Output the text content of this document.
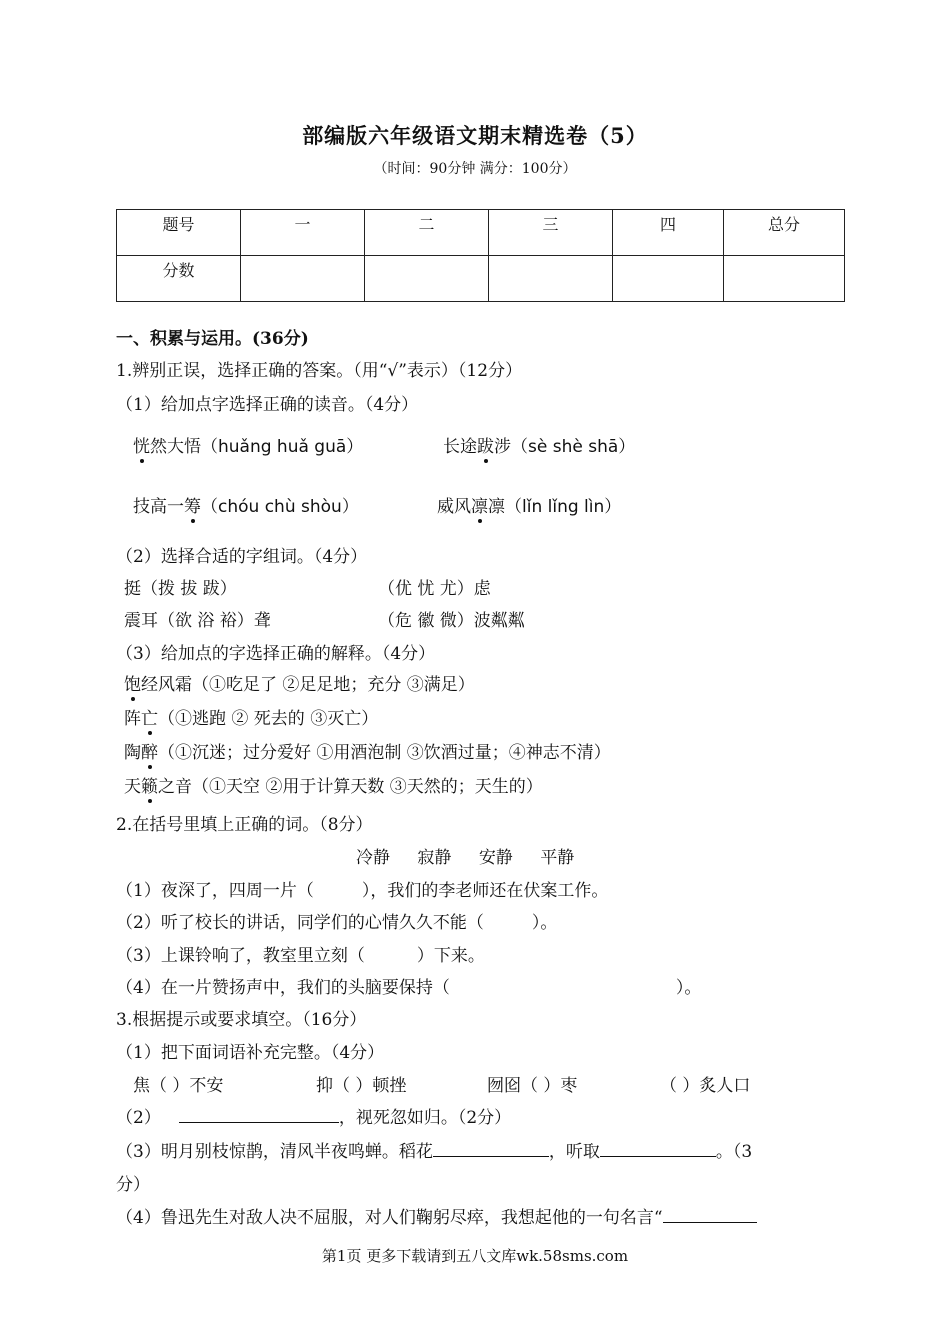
部编版六年级语文期末精选卷（5）
（时间：90分钟 满分：100分）
题号	一	二	三	四	总分
分数					
一、积累与运用。(36分)
1.辨别正误，选择正确的答案。（用“√”表示）（12分）
（1）给加点字选择正确的读音。（4分）
恍然大悟（huǎng huǎ guā）	长途跋涉（sè shè shā）
技高一筹（chóu chù shòu）	威风凛凛（lǐn lǐng lìn）
（2）选择合适的字组词。（4分）
挺（拨 拔 跋）	（优 忧 尤）虑
震耳（欲 浴 裕）聋	（危 徽 微）波粼粼
（3）给加点的字选择正确的解释。（4分）
饱经风霜（①吃足了 ②足足地；充分 ③满足）
阵亡（①逃跑 ② 死去的 ③灭亡）
陶醉（①沉迷；过分爱好 ①用酒泡制 ③饮酒过量；④神志不清）
天籁之音（①天空 ②用于计算天数 ③天然的；天生的）
2.在括号里填上正确的词。（8分）
冷静 寂静 安静 平静
（1）夜深了，四周一片（	），我们的李老师还在伏案工作。
（2）听了校长的讲话，同学们的心情久久不能（	）。
（3）上课铃响了，教室里立刻（	）下来。
（4）在一片赞扬声中，我们的头脑要保持（	）。
3.根据提示或要求填空。（16分）
（1）把下面词语补充完整。（4分）
焦（ ）不安	抑（ ）顿挫	囫囵（ ）枣	（ ）炙人口
（2）	，视死忽如归。（2分）
（3）明月别枝惊鹊，清风半夜鸣蝉。稻花	，听取	。（3
分）
（4）鲁迅先生对敌人决不屈服，对人们鞠躬尽瘁，我想起他的一句名言“
第1页 更多下载请到五八文库wk.58sms.com
